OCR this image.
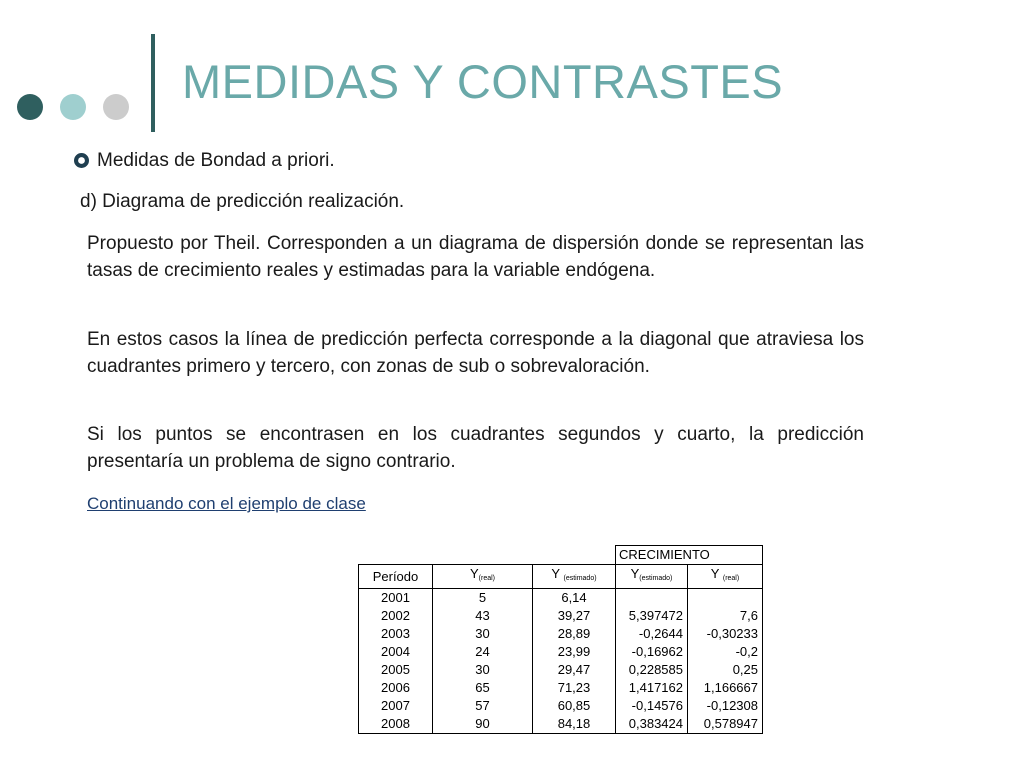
MEDIDAS Y CONTRASTES
Medidas de Bondad a priori.
d) Diagrama de predicción realización.

Propuesto por Theil. Corresponden a un diagrama de dispersión donde se representan las tasas de crecimiento reales y estimadas para la variable endógena.

En estos casos la línea de predicción perfecta corresponde a la diagonal que atraviesa los cuadrantes primero y tercero, con zonas de sub o sobrevaloración.

Si los puntos se encontrasen en los cuadrantes segundos y cuarto, la predicción presentaría un problema de signo contrario.

Continuando con el ejemplo de clase
			CRECIMIENTO	
Período	$Y_{(real)}$	Y $_{(estimado)}$	$Y_{(estimado)}$	Y $_{(real)}$
2001	5	6,14		
2002	43	39,27	5,397472	7,6
2003	30	28,89	-0,2644	-0,30233
2004	24	23,99	-0,16962	-0,2
2005	30	29,47	0,228585	0,25
2006	65	71,23	1,417162	1,166667
2007	57	60,85	-0,14576	-0,12308
2008	90	84,18	0,383424	0,578947
